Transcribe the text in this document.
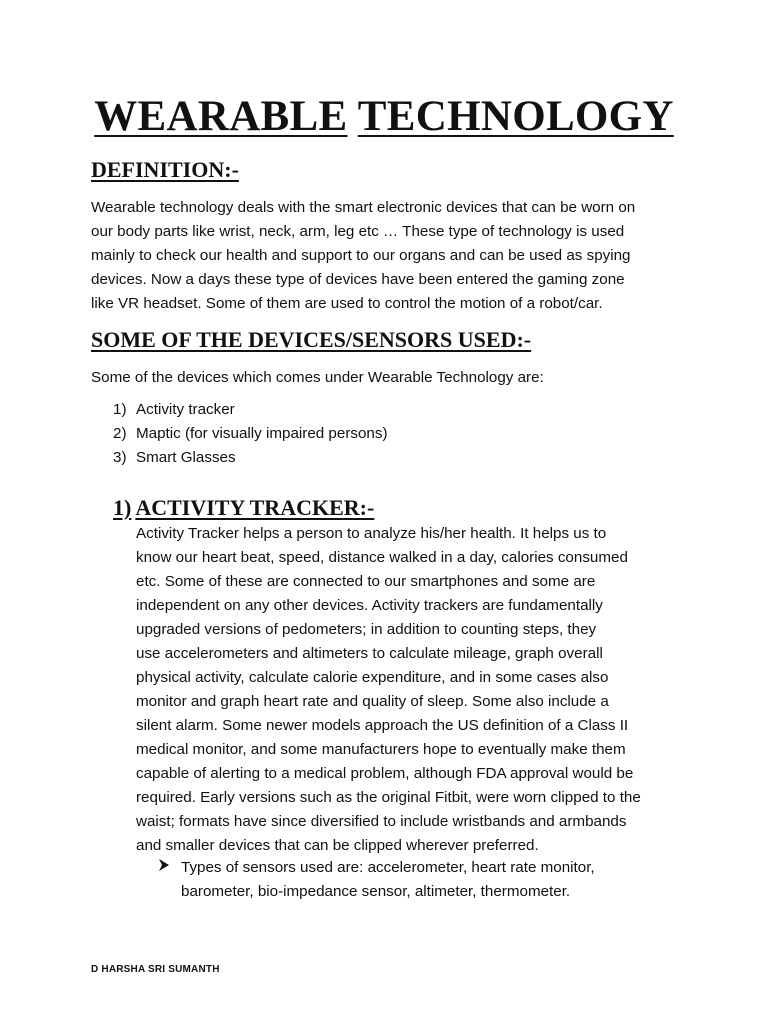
WEARABLE TECHNOLOGY
DEFINITION:-
Wearable technology deals with the smart electronic devices that can be worn on
our body parts like wrist, neck, arm, leg etc … These type of technology is used
mainly to check our health and support to our organs and can be used as spying
devices. Now a days these type of devices have been entered the gaming zone
like VR headset. Some of them are used to control the motion of a robot/car.
SOME OF THE DEVICES/SENSORS USED:-
Some of the devices which comes under Wearable Technology are:
1) Activity tracker
2) Maptic (for visually impaired persons)
3) Smart Glasses
1) ACTIVITY TRACKER:-
Activity Tracker helps a person to analyze his/her health. It helps us to
know our heart beat, speed, distance walked in a day, calories consumed
etc. Some of these are connected to our smartphones and some are
independent on any other devices. Activity trackers are fundamentally
upgraded versions of pedometers; in addition to counting steps, they
use accelerometers and altimeters to calculate mileage, graph overall
physical activity, calculate calorie expenditure, and in some cases also
monitor and graph heart rate and quality of sleep. Some also include a
silent alarm. Some newer models approach the US definition of a Class II
medical monitor, and some manufacturers hope to eventually make them
capable of alerting to a medical problem, although FDA approval would be
required. Early versions such as the original Fitbit, were worn clipped to the
waist; formats have since diversified to include wristbands and armbands
and smaller devices that can be clipped wherever preferred.
Types of sensors used are: accelerometer, heart rate monitor,
barometer, bio-impedance sensor, altimeter, thermometer.
D HARSHA SRI SUMANTH
